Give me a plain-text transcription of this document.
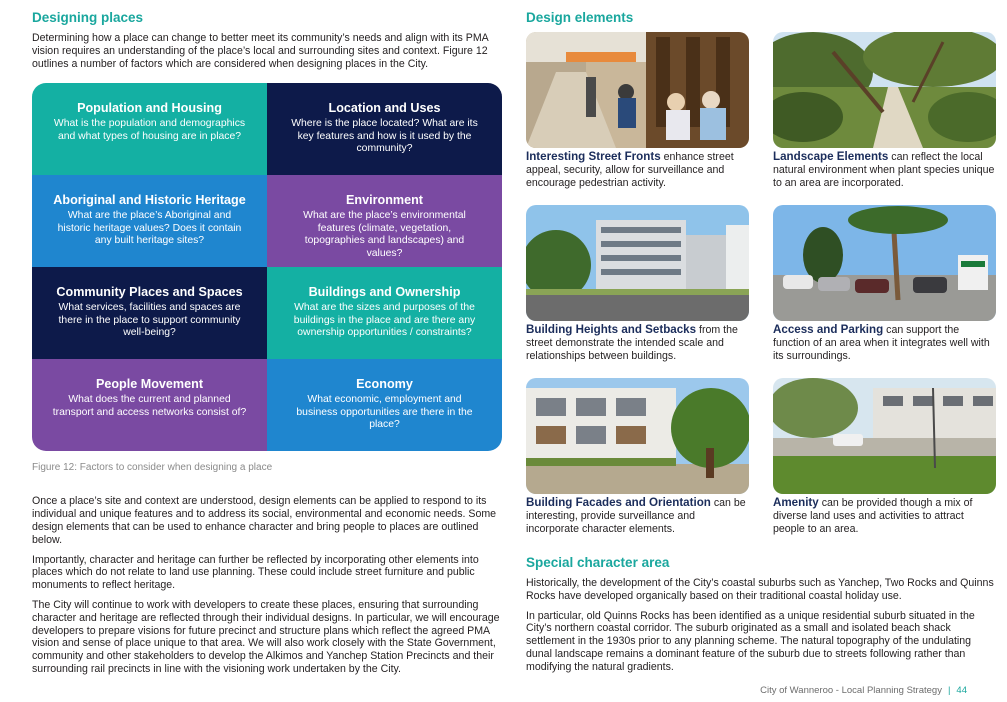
Designing places

Determining how a place can change to better meet its community’s needs and align with its PMA vision requires an understanding of the place’s local and surrounding sites and context. Figure 12 outlines a number of factors which are considered when designing places in the City.

Population and Housing
What is the population and demographics and what types of housing are in place?
Location and Uses
Where is the place located? What are its key features and how is it used by the community?
Aboriginal and Historic Heritage
What are the place’s Aboriginal and historic heritage values? Does it contain any built heritage sites?
Environment
What are the place’s environmental features (climate, vegetation, topographies and landscapes) and values?
Community Places and Spaces
What services, facilities and spaces are there in the place to support community well-being?
Buildings and Ownership
What are the sizes and purposes of the buildings in the place and are there any ownership opportunities / constraints?
People Movement
What does the current and planned transport and access networks consist of?
Economy
What economic, employment and business opportunities are there in the place?
Figure 12: Factors to consider when designing a place

Once a place’s site and context are understood, design elements can be applied to respond to its individual and unique features and to address its social, environmental and economic needs. Some design elements that can be used to enhance character and bring people to places are outlined below.

Importantly, character and heritage can further be reflected by incorporating other elements into places which do not relate to land use planning. These could include street furniture and public monuments to reflect heritage.

The City will continue to work with developers to create these places, ensuring that surrounding character and heritage are reflected through their individual designs. In particular, we will encourage developers to prepare visions for future precinct and structure plans which reflect the agreed PMA vision and sense of place unique to that area. We will also work closely with the State Government, community and other stakeholders to develop the Alkimos and Yanchep Station Precincts and their surrounding rail precincts in line with the visioning work undertaken by the City.

Design elements
Interesting Street Fronts enhance street appeal, security, allow for surveillance and encourage pedestrian activity.
Landscape Elements can reflect the local natural environment when plant species unique to an area are incorporated.
Building Heights and Setbacks from the street demonstrate the intended scale and relationships between buildings.
Access and Parking can support the function of an area when it integrates well with its surroundings.
Building Facades and Orientation can be interesting, provide surveillance and incorporate character elements.
Amenity can be provided though a mix of diverse land uses and activities to attract people to an area.
Special character area

Historically, the development of the City’s coastal suburbs such as Yanchep, Two Rocks and Quinns Rocks have developed organically based on their traditional coastal holiday use.

In particular, old Quinns Rocks has been identified as a unique residential suburb situated in the City’s northern coastal corridor. The suburb originated as a small and isolated beach shack settlement in the 1930s prior to any planning scheme. The natural topography of the undulating dunal landscape remains a dominant feature of the suburb due to streets following rather than modifying the natural gradients.

City of Wanneroo - Local Planning Strategy | 44
